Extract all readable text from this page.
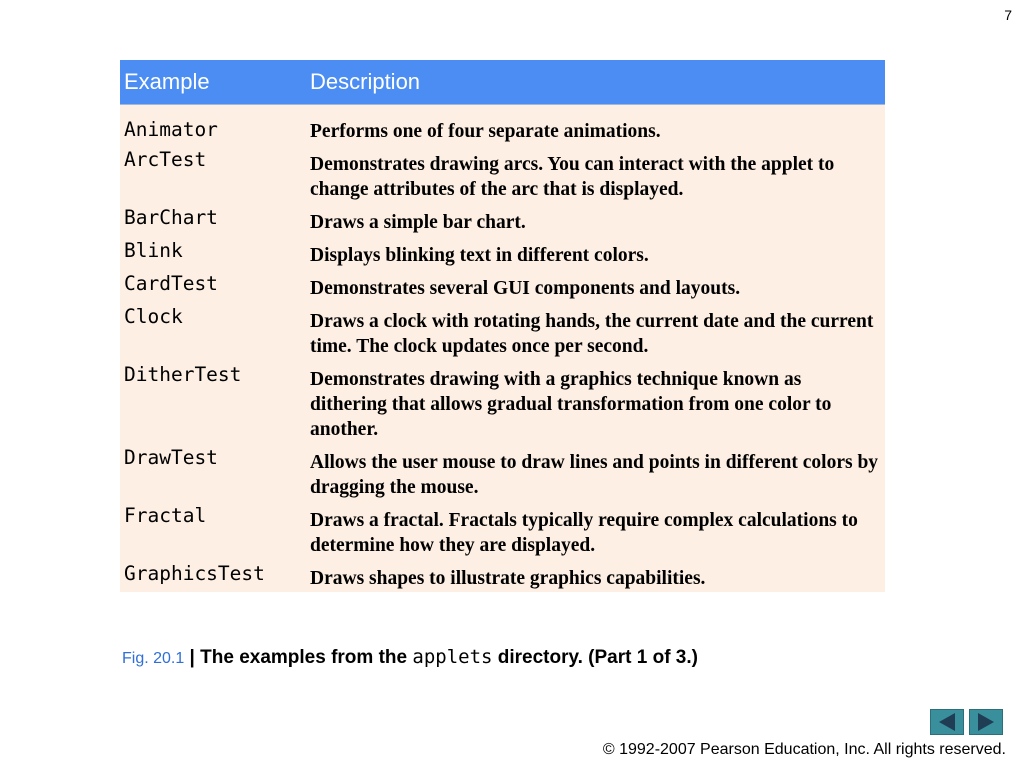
7
Example	Description
Animator	Performs one of four separate animations.
ArcTest	Demonstrates drawing arcs. You can interact with the applet to change attributes of the arc that is displayed.
BarChart	Draws a simple bar chart.
Blink	Displays blinking text in different colors.
CardTest	Demonstrates several GUI components and layouts.
Clock	Draws a clock with rotating hands, the current date and the current time. The clock updates once per second.
DitherTest	Demonstrates drawing with a graphics technique known as dithering that allows gradual transformation from one color to another.
DrawTest	Allows the user mouse to draw lines and points in different colors by dragging the mouse.
Fractal	Draws a fractal. Fractals typically require complex calculations to determine how they are displayed.
GraphicsTest	Draws shapes to illustrate graphics capabilities.
Fig. 20.1 | The examples from the applets directory. (Part 1 of 3.)
© 1992-2007 Pearson Education, Inc. All rights reserved.
